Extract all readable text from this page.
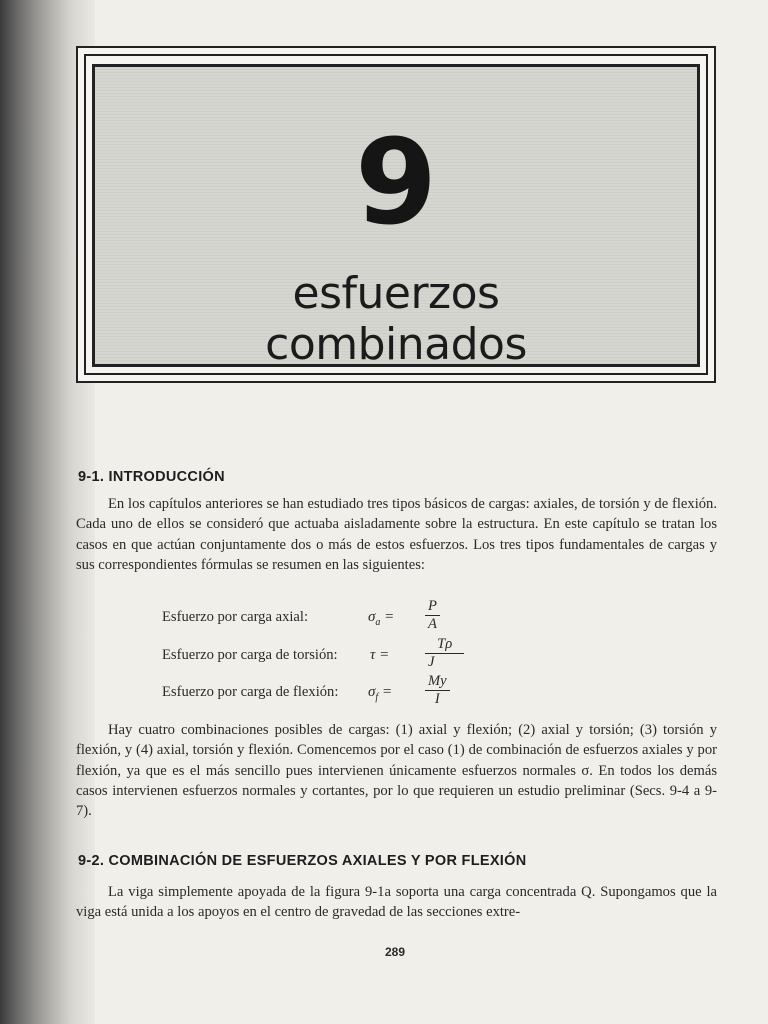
9
esfuerzos
combinados
9-1. INTRODUCCIÓN

En los capítulos anteriores se han estudiado tres tipos básicos de cargas: axiales, de torsión y de flexión. Cada uno de ellos se consideró que actuaba aisladamente sobre la estructura. En este capítulo se tratan los casos en que actúan conjuntamente dos o más de estos esfuerzos. Los tres tipos fundamentales de cargas y sus correspondientes fórmulas se resumen en las siguientes:

Esfuerzo por carga axial:	$\sigma_a = \frac{P}{A}$
Esfuerzo por carga de torsión: $\tau = \frac{T\rho}{J}$
Esfuerzo por carga de flexión: $\sigma_f = \frac{My}{I}$

Hay cuatro combinaciones posibles de cargas: (1) axial y flexión; (2) axial y torsión; (3) torsión y flexión, y (4) axial, torsión y flexión. Comencemos por el caso (1) de combinación de esfuerzos axiales y por flexión, ya que es el más sencillo pues intervienen únicamente esfuerzos normales σ. En todos los demás casos intervienen esfuerzos normales y cortantes, por lo que requieren un estudio preliminar (Secs. 9-4 a 9-7).

9-2. COMBINACIÓN DE ESFUERZOS AXIALES Y POR FLEXIÓN

La viga simplemente apoyada de la figura 9-1a soporta una carga concentrada Q. Supongamos que la viga está unida a los apoyos en el centro de gravedad de las secciones extre-

289
